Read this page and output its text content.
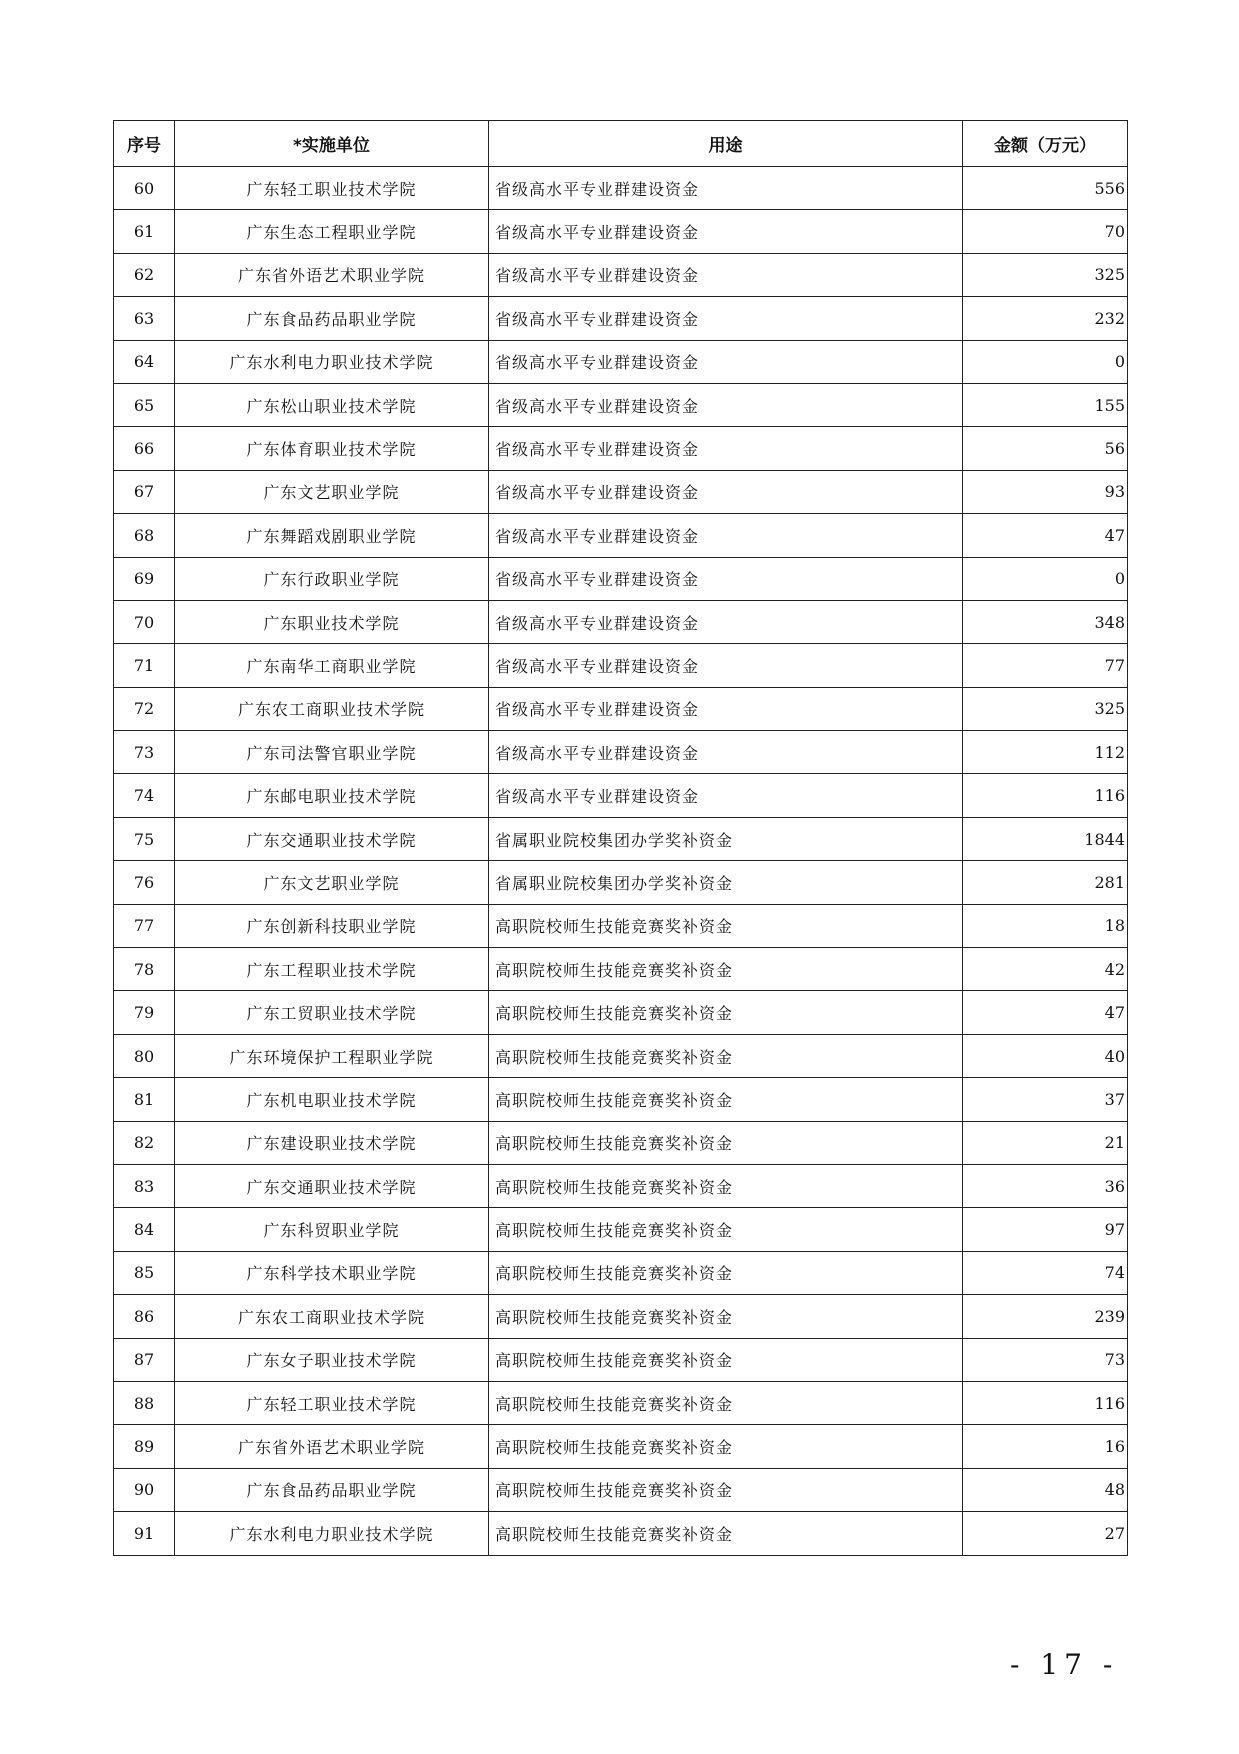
序号	*实施单位	用途	金额（万元）
60	广东轻工职业技术学院	省级高水平专业群建设资金	556
61	广东生态工程职业学院	省级高水平专业群建设资金	70
62	广东省外语艺术职业学院	省级高水平专业群建设资金	325
63	广东食品药品职业学院	省级高水平专业群建设资金	232
64	广东水利电力职业技术学院	省级高水平专业群建设资金	0
65	广东松山职业技术学院	省级高水平专业群建设资金	155
66	广东体育职业技术学院	省级高水平专业群建设资金	56
67	广东文艺职业学院	省级高水平专业群建设资金	93
68	广东舞蹈戏剧职业学院	省级高水平专业群建设资金	47
69	广东行政职业学院	省级高水平专业群建设资金	0
70	广东职业技术学院	省级高水平专业群建设资金	348
71	广东南华工商职业学院	省级高水平专业群建设资金	77
72	广东农工商职业技术学院	省级高水平专业群建设资金	325
73	广东司法警官职业学院	省级高水平专业群建设资金	112
74	广东邮电职业技术学院	省级高水平专业群建设资金	116
75	广东交通职业技术学院	省属职业院校集团办学奖补资金	1844
76	广东文艺职业学院	省属职业院校集团办学奖补资金	281
77	广东创新科技职业学院	高职院校师生技能竞赛奖补资金	18
78	广东工程职业技术学院	高职院校师生技能竞赛奖补资金	42
79	广东工贸职业技术学院	高职院校师生技能竞赛奖补资金	47
80	广东环境保护工程职业学院	高职院校师生技能竞赛奖补资金	40
81	广东机电职业技术学院	高职院校师生技能竞赛奖补资金	37
82	广东建设职业技术学院	高职院校师生技能竞赛奖补资金	21
83	广东交通职业技术学院	高职院校师生技能竞赛奖补资金	36
84	广东科贸职业学院	高职院校师生技能竞赛奖补资金	97
85	广东科学技术职业学院	高职院校师生技能竞赛奖补资金	74
86	广东农工商职业技术学院	高职院校师生技能竞赛奖补资金	239
87	广东女子职业技术学院	高职院校师生技能竞赛奖补资金	73
88	广东轻工职业技术学院	高职院校师生技能竞赛奖补资金	116
89	广东省外语艺术职业学院	高职院校师生技能竞赛奖补资金	16
90	广东食品药品职业学院	高职院校师生技能竞赛奖补资金	48
91	广东水利电力职业技术学院	高职院校师生技能竞赛奖补资金	27
- 17 -
